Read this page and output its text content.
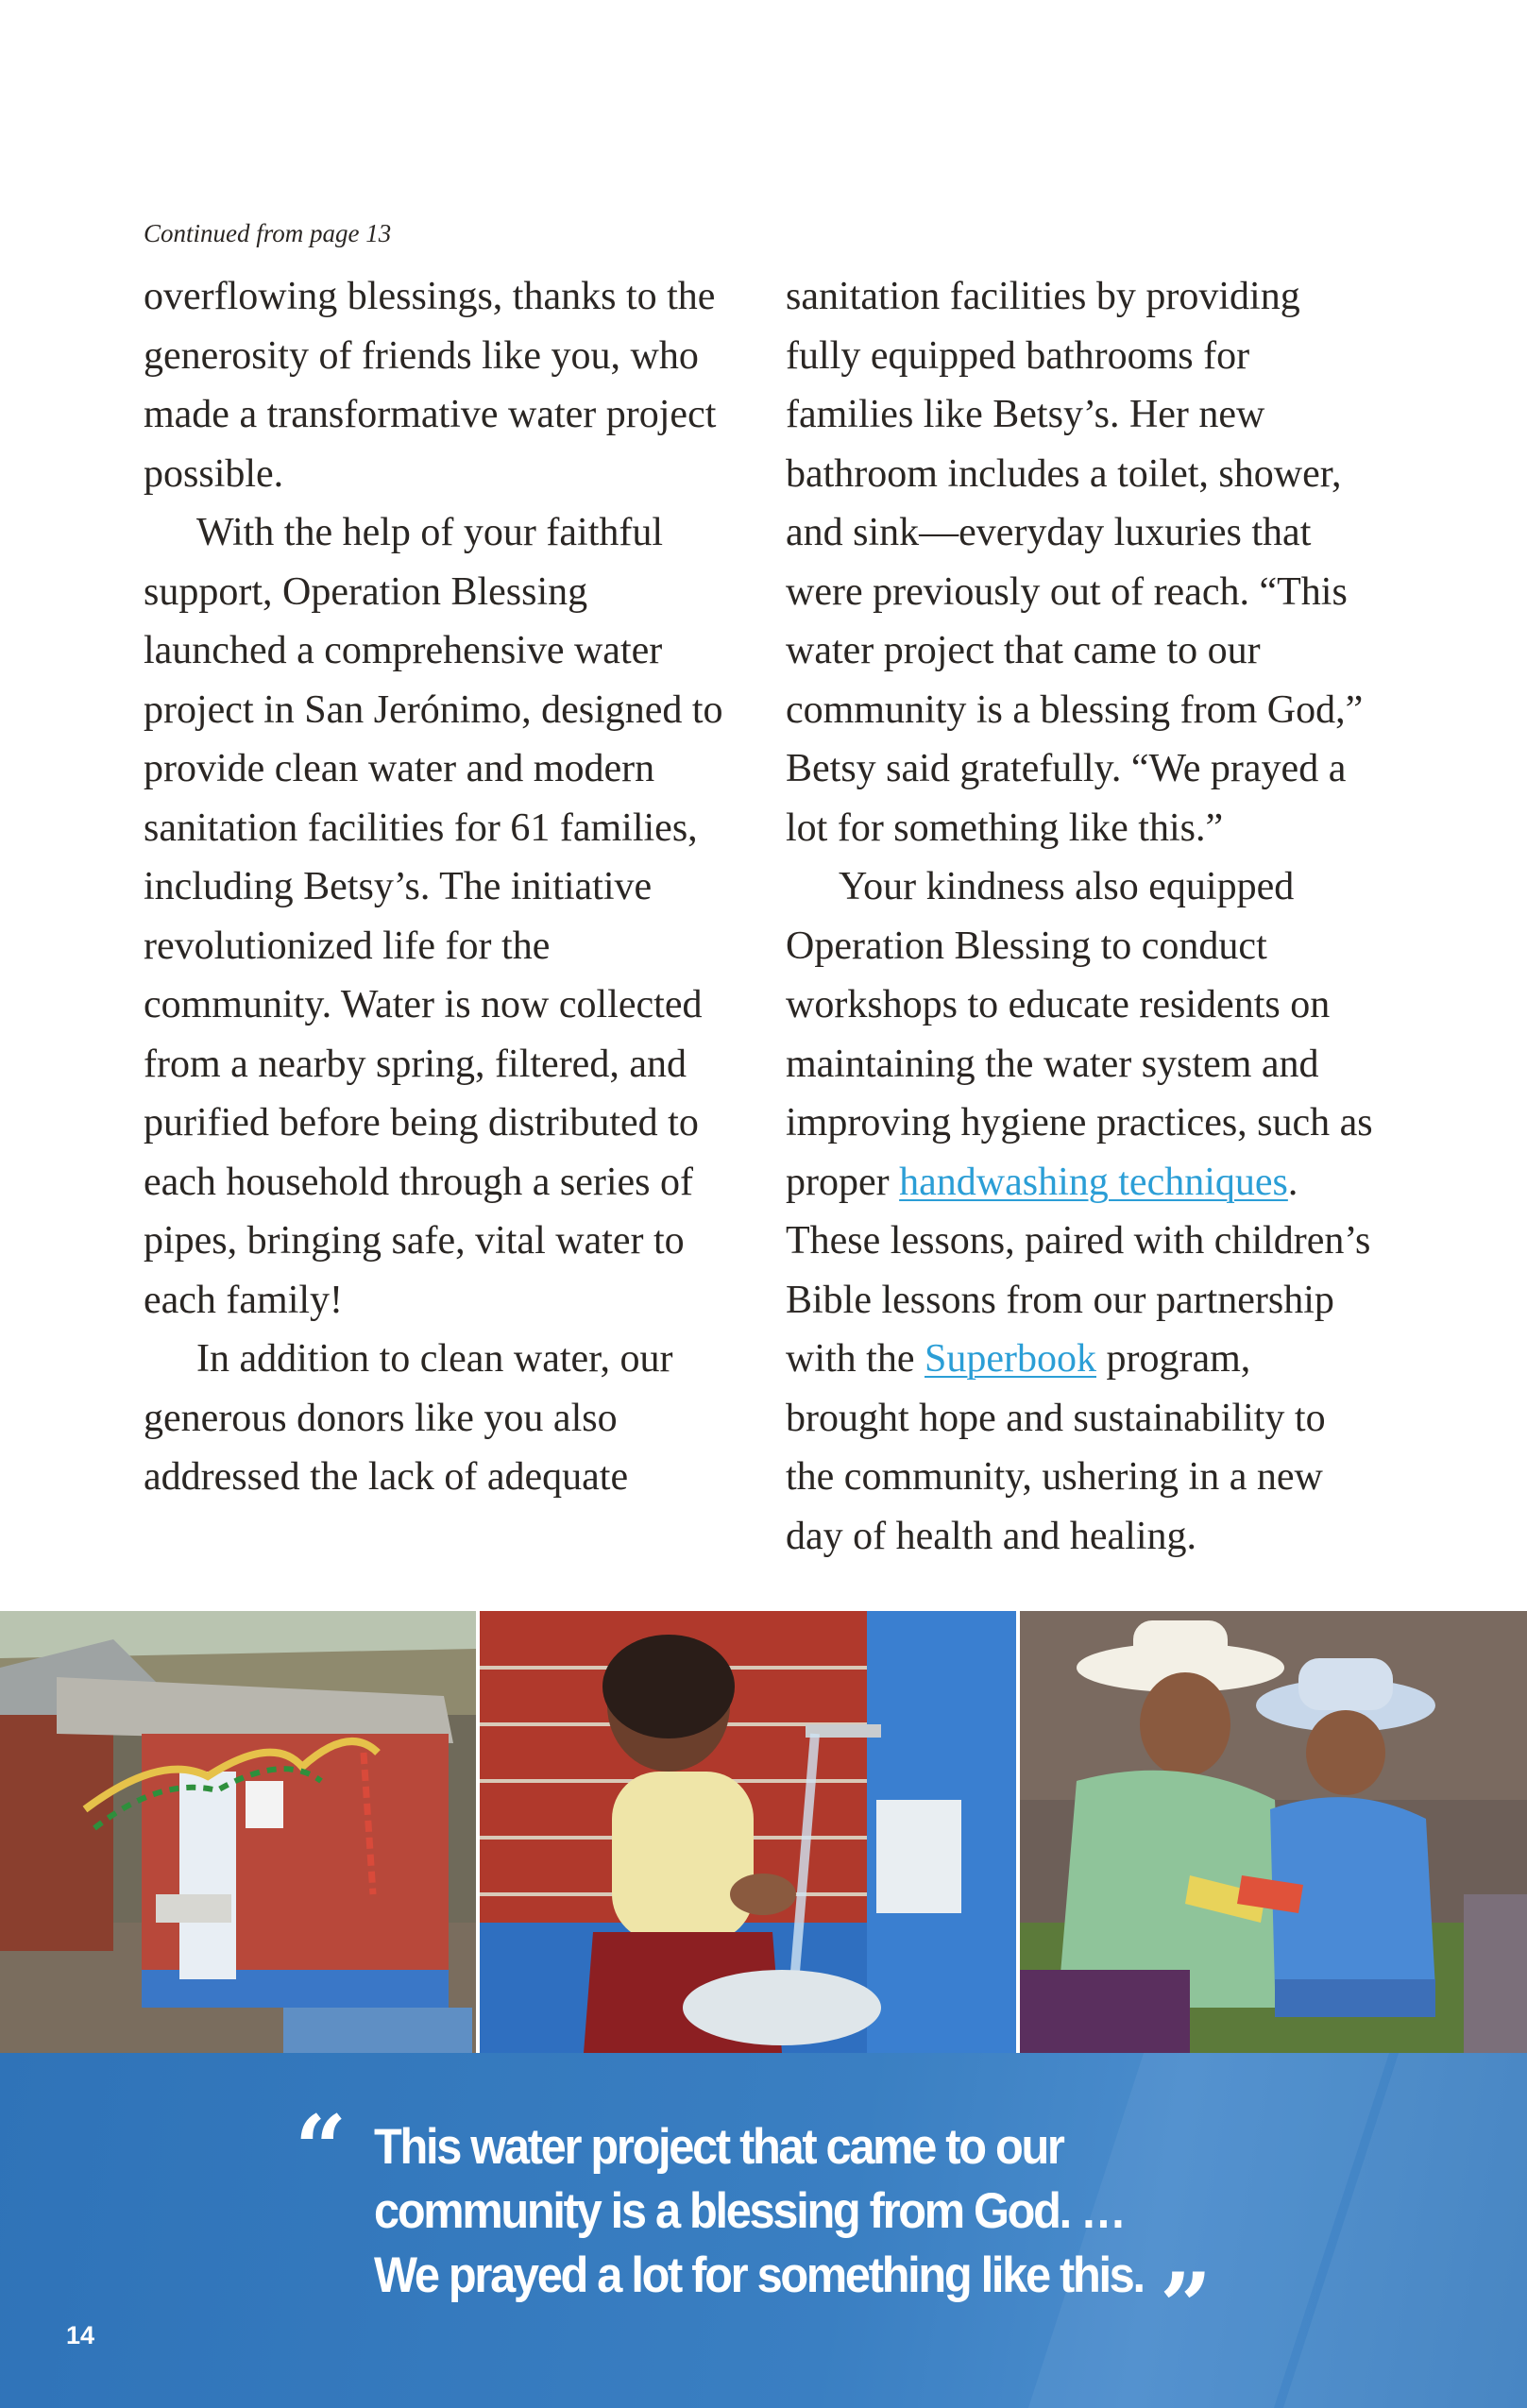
Continued from page 13

overflowing blessings, thanks to the generosity of friends like you, who made a transformative water project possible.

With the help of your faithful support, Operation Blessing launched a comprehensive water project in San Jerónimo, designed to provide clean water and modern sanitation facilities for 61 families, including Betsy’s. The initiative revolutionized life for the community. Water is now collected from a nearby spring, filtered, and purified before being distributed to each household through a series of pipes, bringing safe, vital water to each family!

In addition to clean water, our generous donors like you also addressed the lack of adequate

sanitation facilities by providing fully equipped bathrooms for families like Betsy’s. Her new bathroom includes a toilet, shower, and sink—everyday luxuries that were previously out of reach. “This water project that came to our community is a blessing from God,” Betsy said gratefully. “We prayed a lot for something like this.”

Your kindness also equipped Operation Blessing to conduct workshops to educate residents on maintaining the water system and improving hygiene practices, such as proper handwashing techniques. These lessons, paired with children’s Bible lessons from our partnership with the Superbook program, brought hope and sustainability to the community, ushering in a new day of health and healing.

“ This water project that came to our
community is a blessing from God. …
We prayed a lot for something like this. ”
14
